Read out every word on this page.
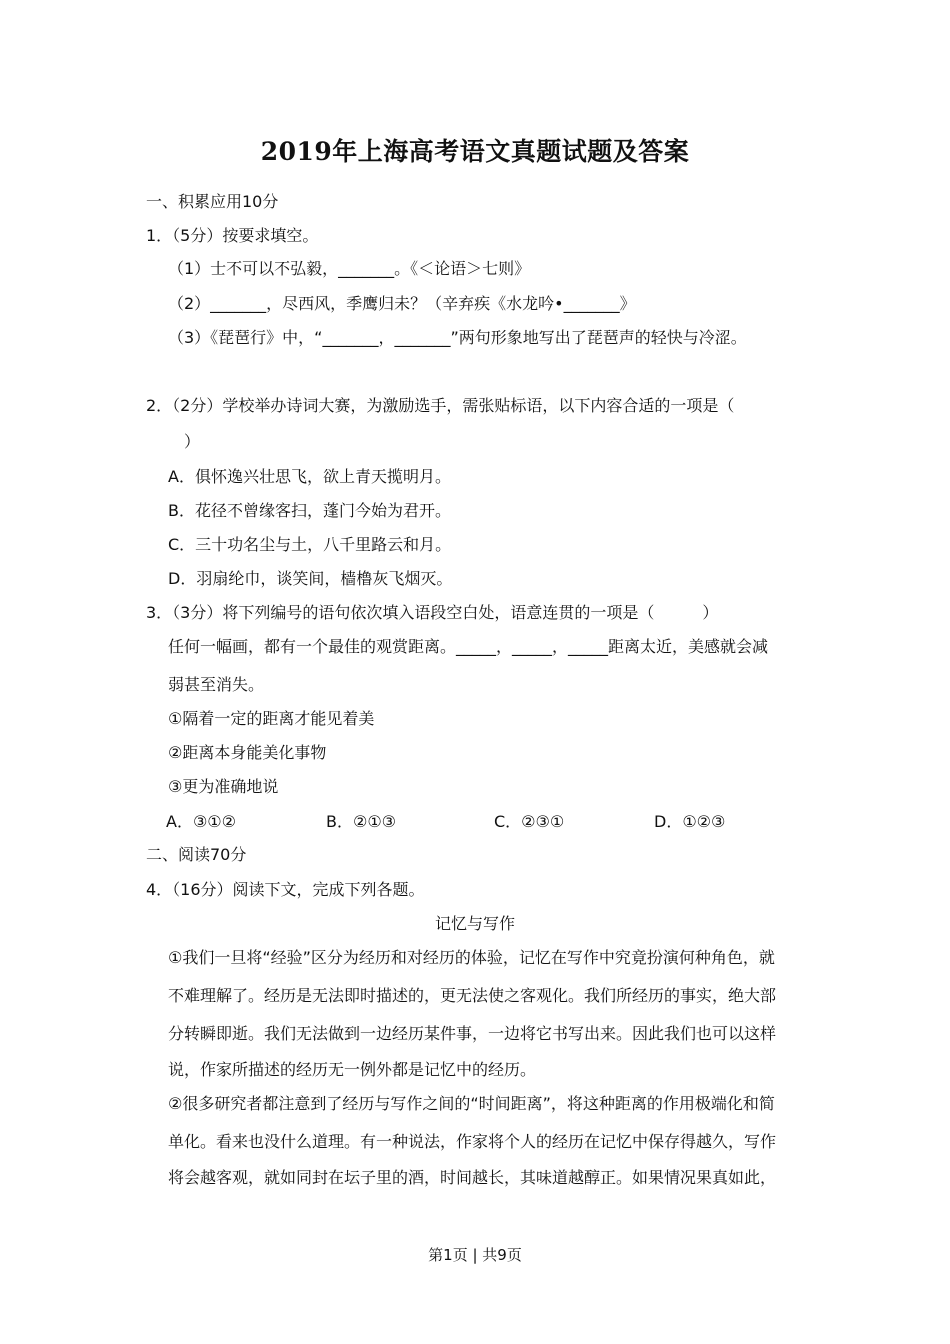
2019年上海高考语文真题试题及答案
一、积累应用10分
1．（5分）按要求填空。
（1）士不可以不弘毅，_______。《＜论语＞七则》
（2）_______，尽西风，季鹰归未？（辛弃疾《水龙吟•_______》
（3）《琵琶行》中，“_______，_______”两句形象地写出了琵琶声的轻快与冷涩。
2．（2分）学校举办诗词大赛，为激励选手，需张贴标语，以下内容合适的一项是（
）
A．俱怀逸兴壮思飞，欲上青天揽明月。
B．花径不曾缘客扫，蓬门今始为君开。
C．三十功名尘与土，八千里路云和月。
D．羽扇纶巾，谈笑间，樯橹灰飞烟灭。
3．（3分）将下列编号的语句依次填入语段空白处，语意连贯的一项是（　　　）
任何一幅画，都有一个最佳的观赏距离。_____，_____，_____距离太近，美感就会减
弱甚至消失。
①隔着一定的距离才能见着美
②距离本身能美化事物
③更为准确地说
A．③①②	B．②①③	C．②③①	D．①②③
二、阅读70分
4．（16分）阅读下文，完成下列各题。
记忆与写作
①我们一旦将“经验”区分为经历和对经历的体验，记忆在写作中究竟扮演何种角色，就
不难理解了。经历是无法即时描述的，更无法使之客观化。我们所经历的事实，绝大部
分转瞬即逝。我们无法做到一边经历某件事，一边将它书写出来。因此我们也可以这样
说，作家所描述的经历无一例外都是记忆中的经历。
②很多研究者都注意到了经历与写作之间的“时间距离”，将这种距离的作用极端化和简
单化。看来也没什么道理。有一种说法，作家将个人的经历在记忆中保存得越久，写作
将会越客观，就如同封在坛子里的酒，时间越长，其味道越醇正。如果情况果真如此，
第1页 | 共9页
